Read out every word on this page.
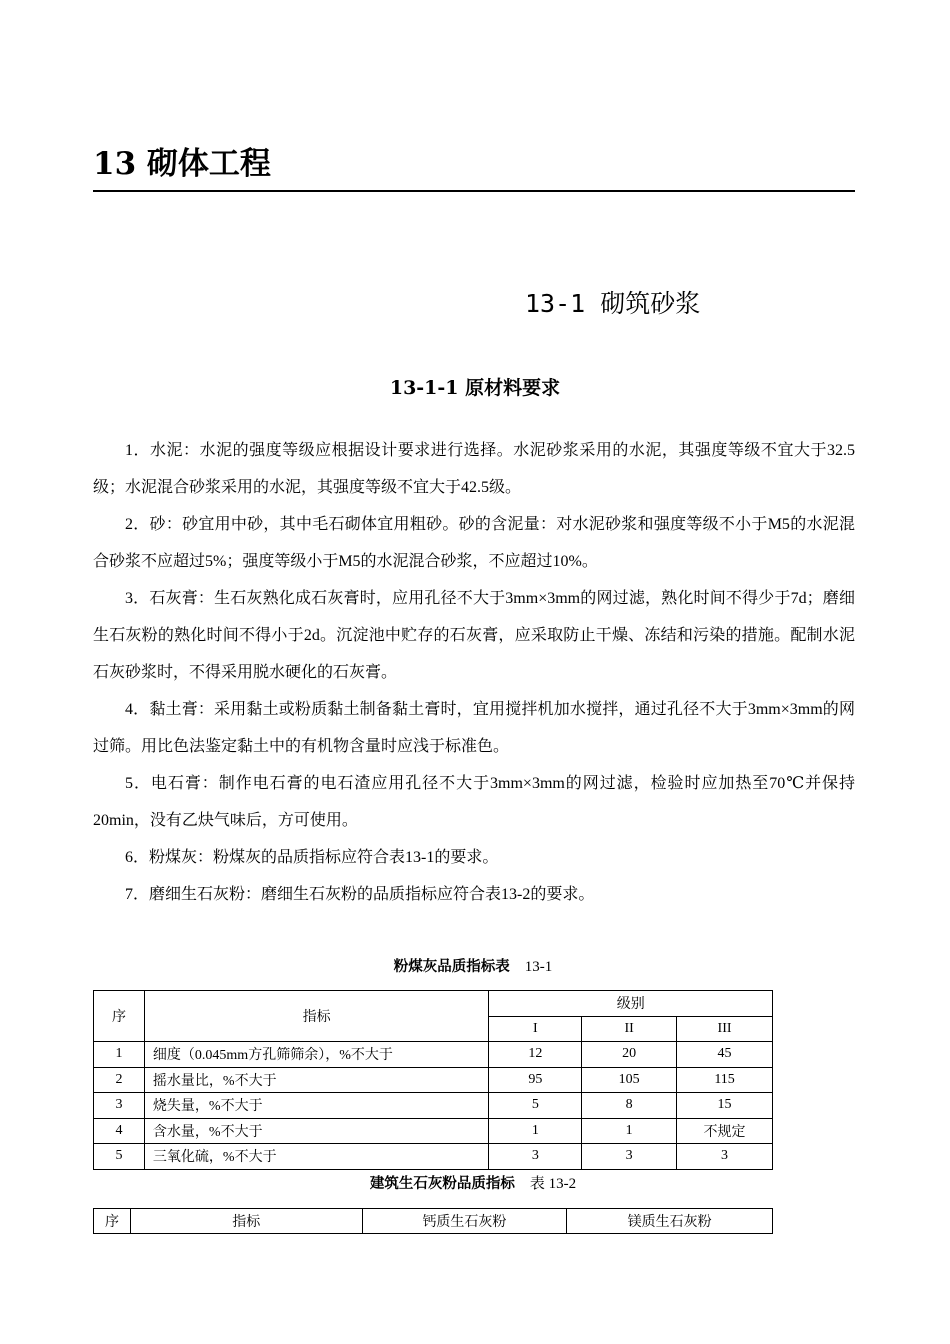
13 砌体工程
13-1 砌筑砂浆
13-1-1 原材料要求

1．水泥：水泥的强度等级应根据设计要求进行选择。水泥砂浆采用的水泥，其强度等级不宜大于32.5级；水泥混合砂浆采用的水泥，其强度等级不宜大于42.5级。

2．砂：砂宜用中砂，其中毛石砌体宜用粗砂。砂的含泥量：对水泥砂浆和强度等级不小于M5的水泥混合砂浆不应超过5%；强度等级小于M5的水泥混合砂浆，不应超过10%。

3．石灰膏：生石灰熟化成石灰膏时，应用孔径不大于3mm×3mm的网过滤，熟化时间不得少于7d；磨细生石灰粉的熟化时间不得小于2d。沉淀池中贮存的石灰膏，应采取防止干燥、冻结和污染的措施。配制水泥石灰砂浆时，不得采用脱水硬化的石灰膏。

4．黏土膏：采用黏土或粉质黏土制备黏土膏时，宜用搅拌机加水搅拌，通过孔径不大于3mm×3mm的网过筛。用比色法鉴定黏土中的有机物含量时应浅于标准色。

5．电石膏：制作电石膏的电石渣应用孔径不大于3mm×3mm的网过滤，检验时应加热至70℃并保持20min，没有乙炔气味后，方可使用。

6．粉煤灰：粉煤灰的品质指标应符合表13-1的要求。

7．磨细生石灰粉：磨细生石灰粉的品质指标应符合表13-2的要求。

粉煤灰品质指标表 13-1
序	指标	级别		
		I	II	III
1	细度（0.045mm方孔筛筛余），%不大于	12	20	45
2	摇水量比，%不大于	95	105	115
3	烧失量，%不大于	5	8	15
4	含水量，%不大于	1	1	不规定
5	三氧化硫，%不大于	3	3	3
建筑生石灰粉品质指标 表 13-2
序	指标	钙质生石灰粉	镁质生石灰粉
